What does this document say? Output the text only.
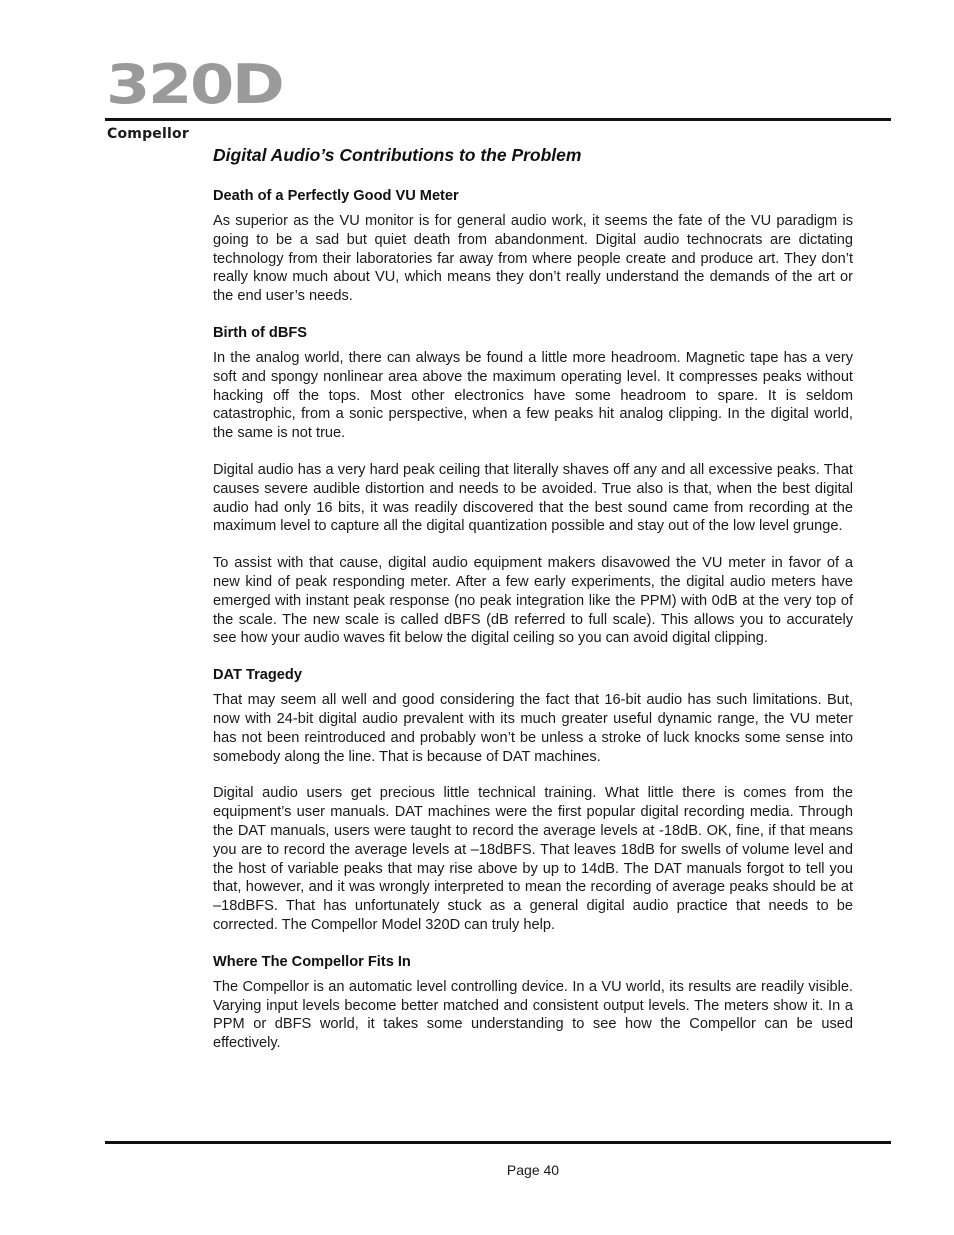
320D
Compellor
Digital Audio’s Contributions to the Problem
Death of a Perfectly Good VU Meter

As superior as the VU monitor is for general audio work, it seems the fate of the VU paradigm is going to be a sad but quiet death from abandonment. Digital audio technocrats are dictating technology from their laboratories far away from where people create and produce art. They don’t really know much about VU, which means they don’t really understand the demands of the art or the end user’s needs.

Birth of dBFS

In the analog world, there can always be found a little more headroom. Magnetic tape has a very soft and spongy nonlinear area above the maximum operating level. It compresses peaks without hacking off the tops. Most other electronics have some headroom to spare. It is seldom catastrophic, from a sonic perspective, when a few peaks hit analog clipping. In the digital world, the same is not true.

Digital audio has a very hard peak ceiling that literally shaves off any and all excessive peaks. That causes severe audible distortion and needs to be avoided. True also is that, when the best digital audio had only 16 bits, it was readily discovered that the best sound came from recording at the maximum level to capture all the digital quantization possible and stay out of the low level grunge.

To assist with that cause, digital audio equipment makers disavowed the VU meter in favor of a new kind of peak responding meter. After a few early experiments, the digital audio meters have emerged with instant peak response (no peak integration like the PPM) with 0dB at the very top of the scale. The new scale is called dBFS (dB referred to full scale). This allows you to accurately see how your audio waves fit below the digital ceiling so you can avoid digital clipping.

DAT Tragedy

That may seem all well and good considering the fact that 16-bit audio has such limitations. But, now with 24-bit digital audio prevalent with its much greater useful dynamic range, the VU meter has not been reintroduced and probably won’t be unless a stroke of luck knocks some sense into somebody along the line. That is because of DAT machines.

Digital audio users get precious little technical training. What little there is comes from the equipment’s user manuals. DAT machines were the first popular digital recording media. Through the DAT manuals, users were taught to record the average levels at -18dB. OK, fine, if that means you are to record the average levels at –18dBFS. That leaves 18dB for swells of volume level and the host of variable peaks that may rise above by up to 14dB. The DAT manuals forgot to tell you that, however, and it was wrongly interpreted to mean the recording of average peaks should be at –18dBFS. That has unfortunately stuck as a general digital audio practice that needs to be corrected. The Compellor Model 320D can truly help.

Where The Compellor Fits In

The Compellor is an automatic level controlling device. In a VU world, its results are readily visible. Varying input levels become better matched and consistent output levels. The meters show it. In a PPM or dBFS world, it takes some understanding to see how the Compellor can be used effectively.

Page 40
